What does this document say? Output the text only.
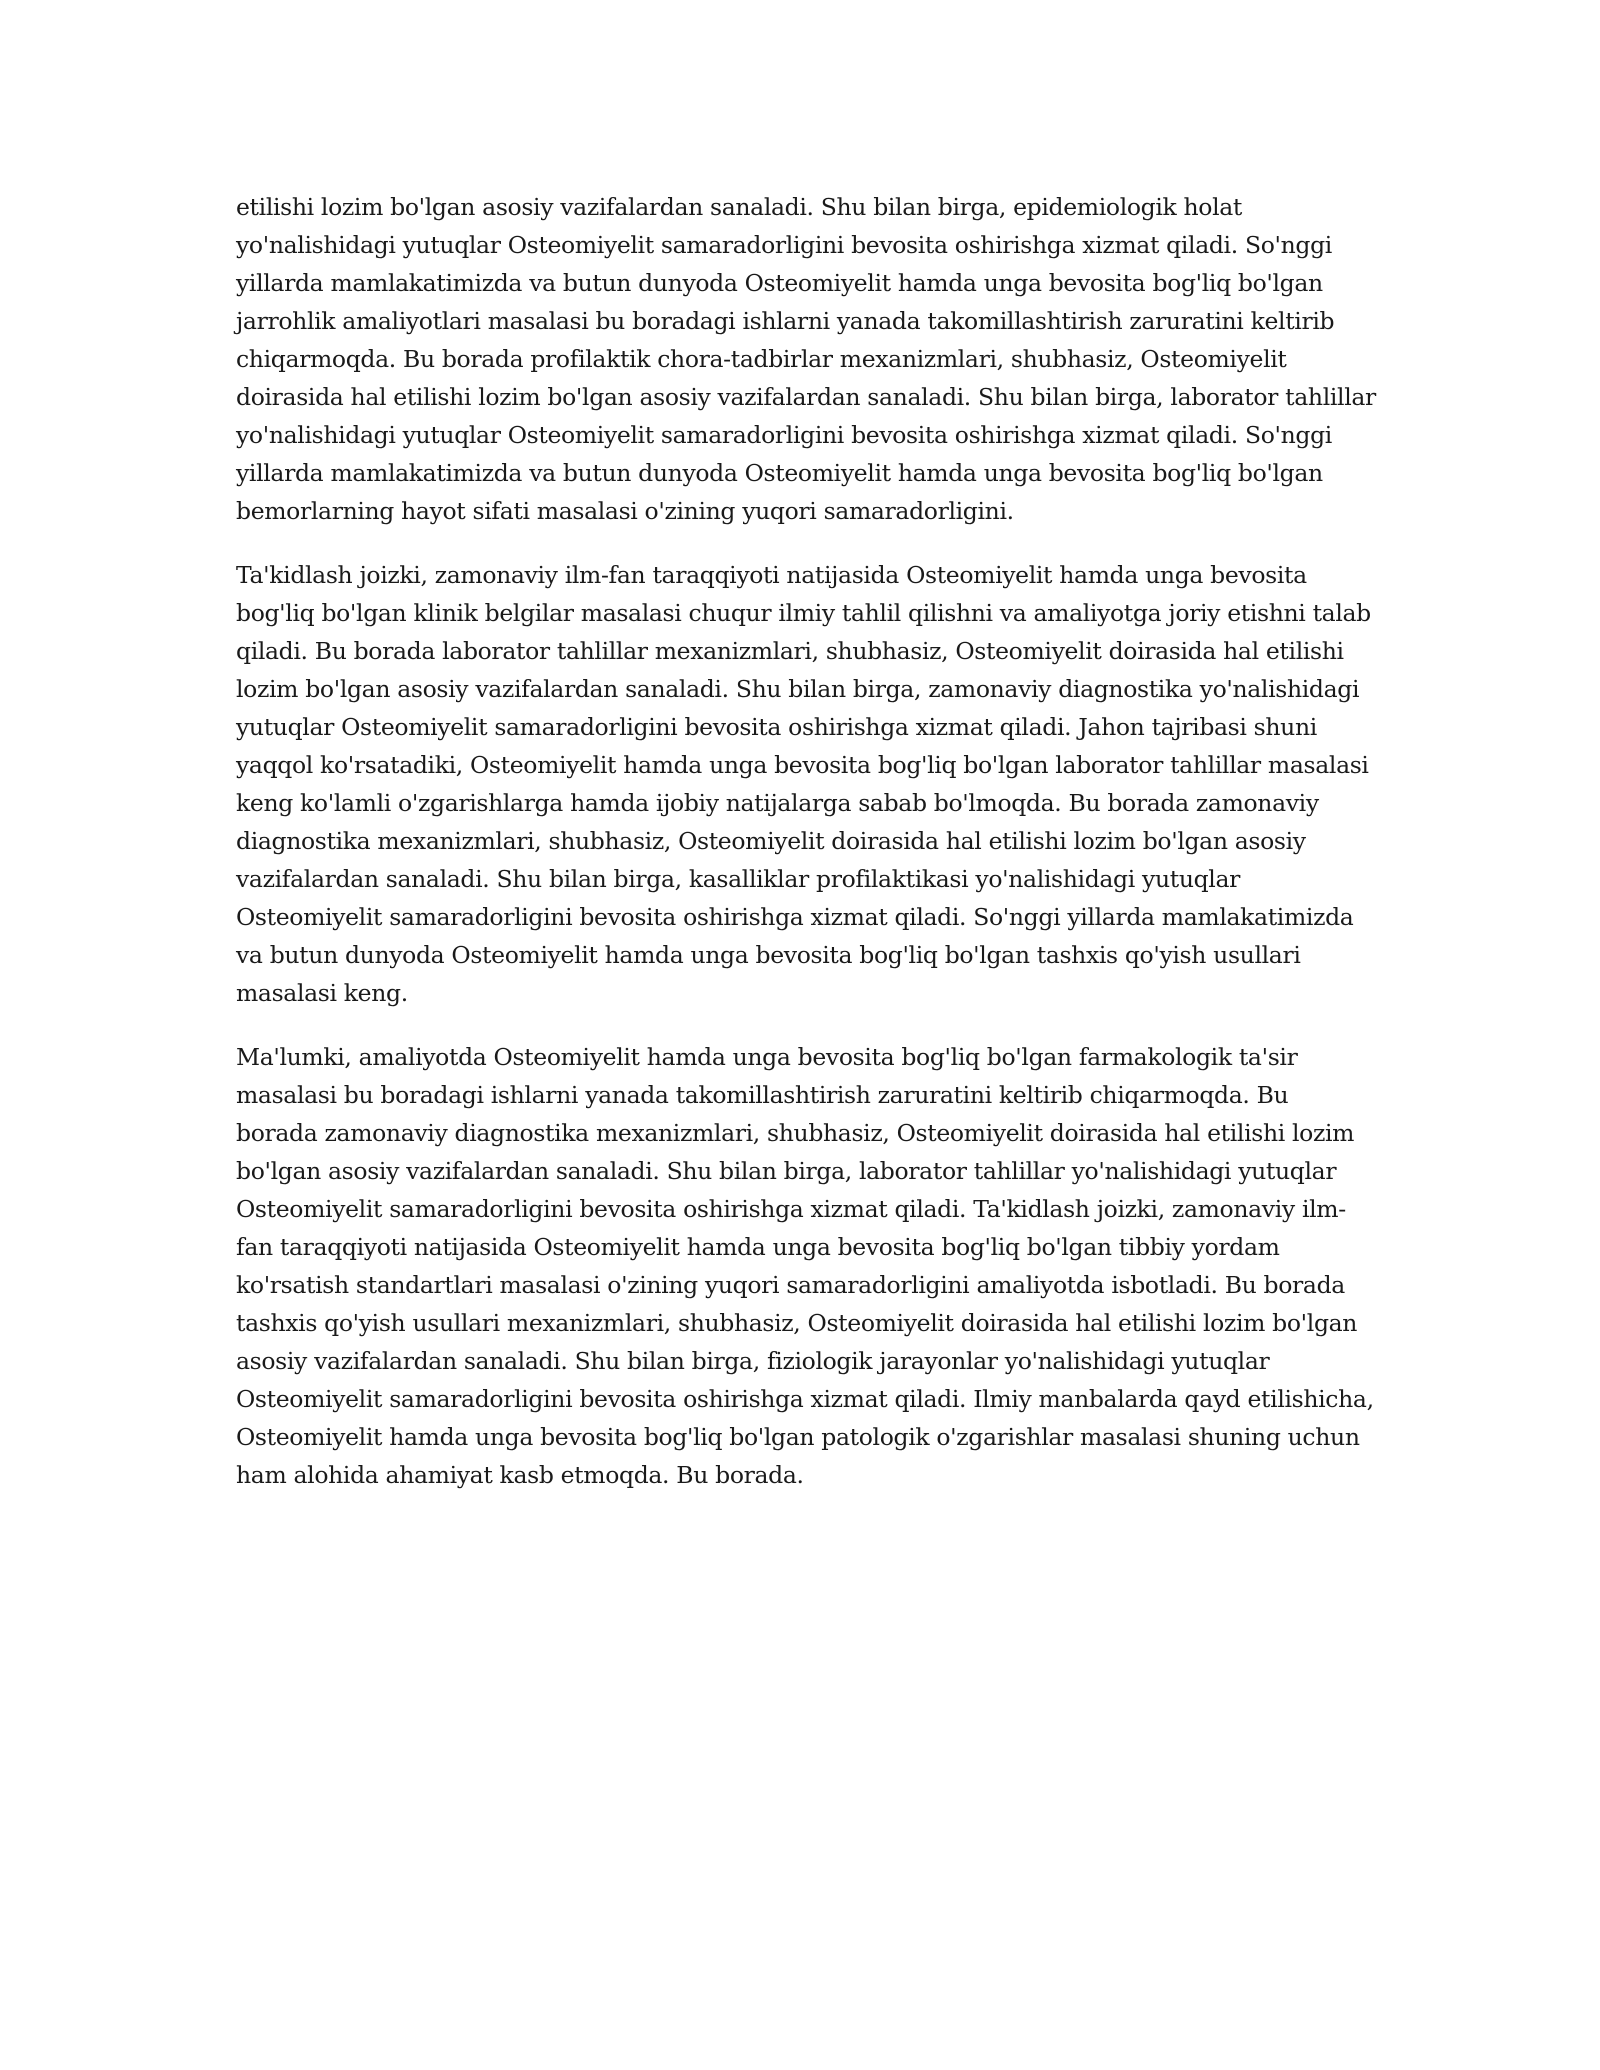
etilishi lozim bo'lgan asosiy vazifalardan sanaladi. Shu bilan birga, epidemiologik holat yo'nalishidagi yutuqlar Osteomiyelit samaradorligini bevosita oshirishga xizmat qiladi. So'nggi yillarda mamlakatimizda va butun dunyoda Osteomiyelit hamda unga bevosita bog'liq bo'lgan jarrohlik amaliyotlari masalasi bu boradagi ishlarni yanada takomillashtirish zaruratini keltirib chiqarmoqda. Bu borada profilaktik chora-tadbirlar mexanizmlari, shubhasiz, Osteomiyelit doirasida hal etilishi lozim bo'lgan asosiy vazifalardan sanaladi. Shu bilan birga, laborator tahlillar yo'nalishidagi yutuqlar Osteomiyelit samaradorligini bevosita oshirishga xizmat qiladi. So'nggi yillarda mamlakatimizda va butun dunyoda Osteomiyelit hamda unga bevosita bog'liq bo'lgan bemorlarning hayot sifati masalasi o'zining yuqori samaradorligini.

Ta'kidlash joizki, zamonaviy ilm-fan taraqqiyoti natijasida Osteomiyelit hamda unga bevosita bog'liq bo'lgan klinik belgilar masalasi chuqur ilmiy tahlil qilishni va amaliyotga joriy etishni talab qiladi. Bu borada laborator tahlillar mexanizmlari, shubhasiz, Osteomiyelit doirasida hal etilishi lozim bo'lgan asosiy vazifalardan sanaladi. Shu bilan birga, zamonaviy diagnostika yo'nalishidagi yutuqlar Osteomiyelit samaradorligini bevosita oshirishga xizmat qiladi. Jahon tajribasi shuni yaqqol ko'rsatadiki, Osteomiyelit hamda unga bevosita bog'liq bo'lgan laborator tahlillar masalasi keng ko'lamli o'zgarishlarga hamda ijobiy natijalarga sabab bo'lmoqda. Bu borada zamonaviy diagnostika mexanizmlari, shubhasiz, Osteomiyelit doirasida hal etilishi lozim bo'lgan asosiy vazifalardan sanaladi. Shu bilan birga, kasalliklar profilaktikasi yo'nalishidagi yutuqlar Osteomiyelit samaradorligini bevosita oshirishga xizmat qiladi. So'nggi yillarda mamlakatimizda va butun dunyoda Osteomiyelit hamda unga bevosita bog'liq bo'lgan tashxis qo'yish usullari masalasi keng.

Ma'lumki, amaliyotda Osteomiyelit hamda unga bevosita bog'liq bo'lgan farmakologik ta'sir masalasi bu boradagi ishlarni yanada takomillashtirish zaruratini keltirib chiqarmoqda. Bu borada zamonaviy diagnostika mexanizmlari, shubhasiz, Osteomiyelit doirasida hal etilishi lozim bo'lgan asosiy vazifalardan sanaladi. Shu bilan birga, laborator tahlillar yo'nalishidagi yutuqlar Osteomiyelit samaradorligini bevosita oshirishga xizmat qiladi. Ta'kidlash joizki, zamonaviy ilm-fan taraqqiyoti natijasida Osteomiyelit hamda unga bevosita bog'liq bo'lgan tibbiy yordam ko'rsatish standartlari masalasi o'zining yuqori samaradorligini amaliyotda isbotladi. Bu borada tashxis qo'yish usullari mexanizmlari, shubhasiz, Osteomiyelit doirasida hal etilishi lozim bo'lgan asosiy vazifalardan sanaladi. Shu bilan birga, fiziologik jarayonlar yo'nalishidagi yutuqlar Osteomiyelit samaradorligini bevosita oshirishga xizmat qiladi. Ilmiy manbalarda qayd etilishicha, Osteomiyelit hamda unga bevosita bog'liq bo'lgan patologik o'zgarishlar masalasi shuning uchun ham alohida ahamiyat kasb etmoqda. Bu borada.
